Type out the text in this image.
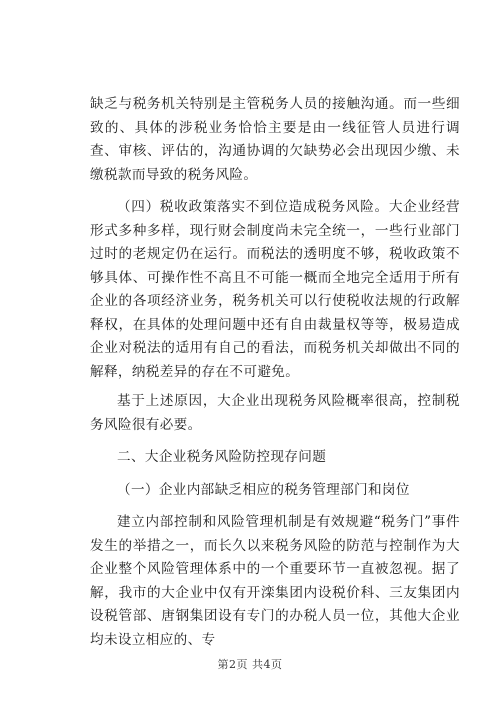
缺乏与税务机关特别是主管税务人员的接触沟通。而一些细致的、具体的涉税业务恰恰主要是由一线征管人员进行调查、审核、评估的，沟通协调的欠缺势必会出现因少缴、未缴税款而导致的税务风险。

（四）税收政策落实不到位造成税务风险。大企业经营形式多种多样，现行财会制度尚未完全统一，一些行业部门过时的老规定仍在运行。而税法的透明度不够，税收政策不够具体、可操作性不高且不可能一概而全地完全适用于所有企业的各项经济业务，税务机关可以行使税收法规的行政解释权，在具体的处理问题中还有自由裁量权等等，极易造成企业对税法的适用有自己的看法，而税务机关却做出不同的解释，纳税差异的存在不可避免。

基于上述原因，大企业出现税务风险概率很高，控制税务风险很有必要。

二、大企业税务风险防控现存问题

（一）企业内部缺乏相应的税务管理部门和岗位

建立内部控制和风险管理机制是有效规避“税务门”事件发生的举措之一，而长久以来税务风险的防范与控制作为大企业整个风险管理体系中的一个重要环节一直被忽视。据了解，我市的大企业中仅有开滦集团内设税价科、三友集团内设税管部、唐钢集团设有专门的办税人员一位，其他大企业均未设立相应的、专

第2页 共4页
